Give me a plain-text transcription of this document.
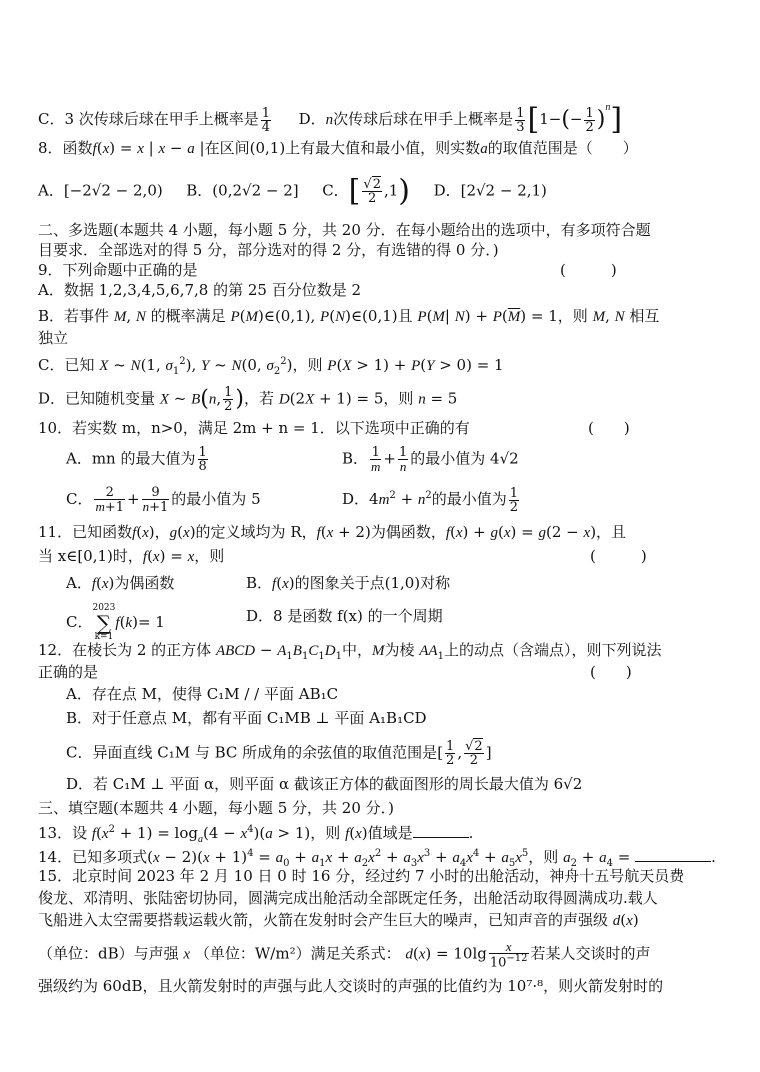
C．3 次传球后球在甲手上概率是 $\frac{1}{4}$ D．n次传球后球在甲手上概率是 $\frac{1}{3} [1-(- \frac{1}{2} )^n]$
8．函数f(x) = x | x − a |在区间(0,1)上有最大值和最小值，则实数a的取值范围是（　　）
A．[−2√2 − 2,0) B．(0,2√2 − 2] C．[ $\frac{√2}{2} ,1$) D．[2√2 − 2,1)
二、多选题(本题共 4 小题，每小题 5 分，共 20 分．在每小题给出的选项中，有多项符合题
目要求．全部选对的得 5 分，部分选对的得 2 分，有选错的得 0 分．)
9．下列命题中正确的是	(　　　)
A．数据 1,2,3,4,5,6,7,8 的第 25 百分位数是 2
B．若事件 M, N 的概率满足 P(M)∈(0,1), P(N)∈(0,1)且 P(M| $N) + P(\overline{M}) = 1$，则 M, N 相互
独立
C．已知 X ~ N(1, $\sigma_1^2$), Y ~ N(0, $\sigma_2^2$)，则 P(X > 1) + P(Y > 0) = 1
D．已知随机变量 X ~ B(n, $\frac{1}{2}$ )，若 D(2X + 1) = 5，则 n = 5
10．若实数 m，n>0，满足 2m + n = 1．以下选项中正确的有	(　　)
A．mn 的最大值为 $\frac{1}{8}$	B． $\frac{1}{m} + \frac{1}{n}$ 的最小值为 4√2
C． $\frac{2}{m+1} + \frac{9}{n+1}$ 的最小值为 5	D．$4m^2 + n^2$的最小值为 $\frac{1}{2}$
11．已知函数f(x)，g(x)的定义域均为 R，f(x + 2)为偶函数，f(x) + g(x) = g(2 − x)，且
当 x∈[0,1)时，f(x) = x，则	(　　　)
A．f(x)为偶函数	B．f(x)的图象关于点(1,0)对称
C．2023
∑
k=1f(k)= 1	D．8 是函数 f(x) 的一个周期
12．在棱长为 2 的正方体 ABCD − $A_1B_1C_1D_1$中，M为棱 $AA_1$上的动点（含端点），则下列说法
正确的是	(　　)
A．存在点 M，使得 C₁M / / 平面 AB₁C
B．对于任意点 M，都有平面 C₁MB ⊥ 平面 A₁B₁CD
C．异面直线 C₁M 与 BC 所成角的余弦值的取值范围是[ $\frac{1}{2}$ , $\frac{√2}{2}$ ]
D．若 C₁M ⊥ 平面 α，则平面 α 截该正方体的截面图形的周长最大值为 6√2
三、填空题(本题共 4 小题，每小题 5 分，共 20 分．)
13．设 $f(x^2 + 1) = \log_a(4 - x^4)(a > 1)$，则 f(x)值域是	.
14．已知多项式$(x - 2)(x + 1)^4 = a_0 + a_1x + a_2x^2 + a_3x^3 + a_4x^4 + a_5x^5$，则 $a_2 + a_4$ =	.
15．北京时间 2023 年 2 月 10 日 0 时 16 分，经过约 7 小时的出舱活动，神舟十五号航天员费
俊龙、邓清明、张陆密切协同，圆满完成出舱活动全部既定任务，出舱活动取得圆满成功.载人
飞船进入太空需要搭载运载火箭，火箭在发射时会产生巨大的噪声，已知声音的声强级 d(x)
（单位：dB）与声强 x （单位：W/m²）满足关系式： $d(x) = 10\lg \frac{x}{10^{-12}}$ 若某人交谈时的声
强级约为 60dB，且火箭发射时的声强与此人交谈时的声强的比值约为 10⁷·⁸，则火箭发射时的
